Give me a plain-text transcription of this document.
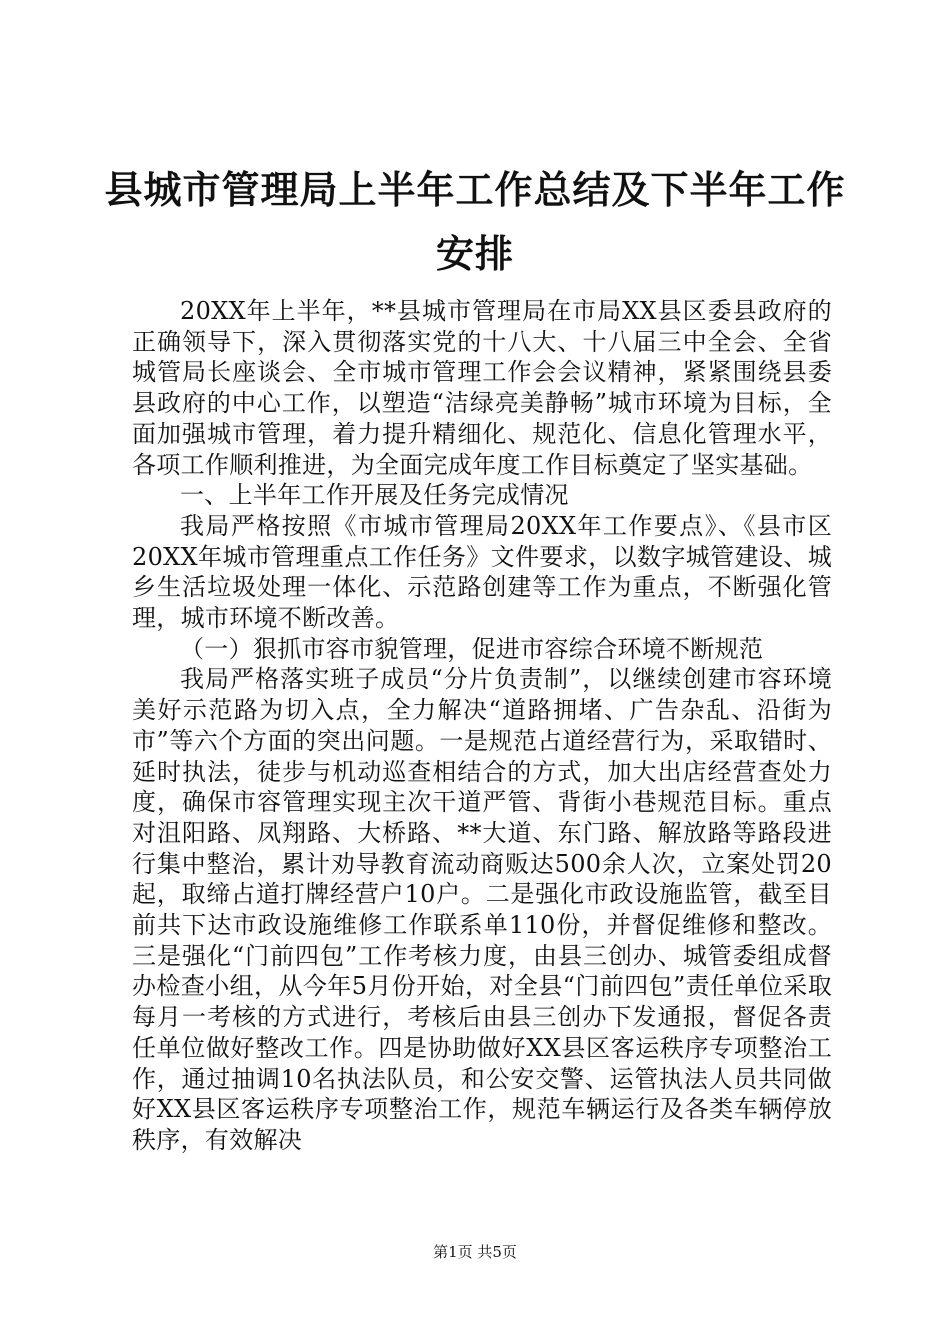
县城市管理局上半年工作总结及下半年工作安排

20XX年上半年，**县城市管理局在市局XX县区委县政府的正确领导下，深入贯彻落实党的十八大、十八届三中全会、全省城管局长座谈会、全市城市管理工作会会议精神，紧紧围绕县委县政府的中心工作，以塑造“洁绿亮美静畅”城市环境为目标，全面加强城市管理，着力提升精细化、规范化、信息化管理水平，各项工作顺利推进，为全面完成年度工作目标奠定了坚实基础。

一、上半年工作开展及任务完成情况

我局严格按照《市城市管理局20XX年工作要点》、《县市区20XX年城市管理重点工作任务》文件要求，以数字城管建设、城乡生活垃圾处理一体化、示范路创建等工作为重点，不断强化管理，城市环境不断改善。

（一）狠抓市容市貌管理，促进市容综合环境不断规范

我局严格落实班子成员“分片负责制”，以继续创建市容环境美好示范路为切入点，全力解决“道路拥堵、广告杂乱、沿街为市”等六个方面的突出问题。一是规范占道经营行为，采取错时、延时执法，徒步与机动巡查相结合的方式，加大出店经营查处力度，确保市容管理实现主次干道严管、背街小巷规范目标。重点对沮阳路、凤翔路、大桥路、**大道、东门路、解放路等路段进行集中整治，累计劝导教育流动商贩达500余人次，立案处罚20起，取缔占道打牌经营户10户。二是强化市政设施监管，截至目前共下达市政设施维修工作联系单110份，并督促维修和整改。三是强化“门前四包”工作考核力度，由县三创办、城管委组成督办检查小组，从今年5月份开始，对全县“门前四包”责任单位采取每月一考核的方式进行，考核后由县三创办下发通报，督促各责任单位做好整改工作。四是协助做好XX县区客运秩序专项整治工作，通过抽调10名执法队员，和公安交警、运管执法人员共同做好XX县区客运秩序专项整治工作，规范车辆运行及各类车辆停放秩序，有效解决

第1页 共5页
